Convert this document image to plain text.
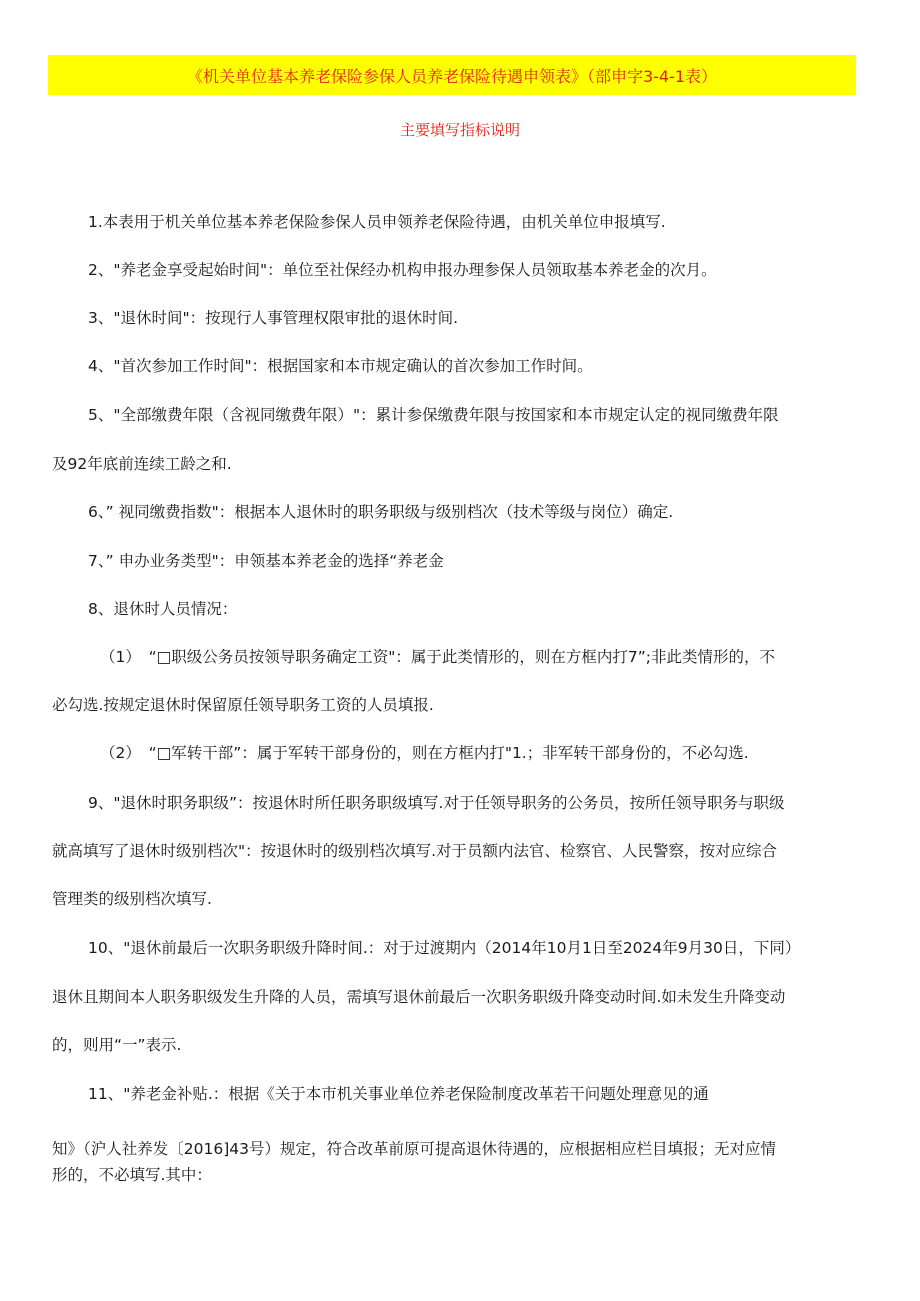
《机关单位基本养老保险参保人员养老保险待遇申领表》（部申字3-4-1表）
主要填写指标说明
1.本表用于机关单位基本养老保险参保人员申领养老保险待遇，由机关单位申报填写.
2、"养老金享受起始时间"：单位至社保经办机构申报办理参保人员领取基本养老金的次月。
3、"退休时间"：按现行人事管理权限审批的退休时间.
4、"首次参加工作时间"：根据国家和本市规定确认的首次参加工作时间。
5、"全部缴费年限（含视同缴费年限）"：累计参保缴费年限与按国家和本市规定认定的视同缴费年限
及92年底前连续工龄之和.
6、” 视同缴费指数"：根据本人退休时的职务职级与级别档次（技术等级与岗位）确定.
7、” 申办业务类型"：申领基本养老金的选择“养老金
8、退休时人员情况：
（1）　“□职级公务员按领导职务确定工资"：属于此类情形的，则在方框内打7”;非此类情形的，不
必勾选.按规定退休时保留原任领导职务工资的人员填报.
（2）　“□军转干部”：属于军转干部身份的，则在方框内打"1.；非军转干部身份的，不必勾选.
9、"退休时职务职级”：按退休时所任职务职级填写.对于任领导职务的公务员，按所任领导职务与职级
就高填写了退休时级别档次"：按退休时的级别档次填写.对于员额内法官、检察官、人民警察，按对应综合
管理类的级别档次填写.
10、"退休前最后一次职务职级升降时间.：对于过渡期内（2014年10月1日至2024年9月30日，下同）
退休且期间本人职务职级发生升降的人员，需填写退休前最后一次职务职级升降变动时间.如未发生升降变动
的，则用“一”表示.
11、"养老金补贴.：根据《关于本市机关事业单位养老保险制度改革若干问题处理意见的通
知》（沪人社养发〔2016]43号）规定，符合改革前原可提高退休待遇的，应根据相应栏目填报；无对应情
形的，不必填写.其中：
